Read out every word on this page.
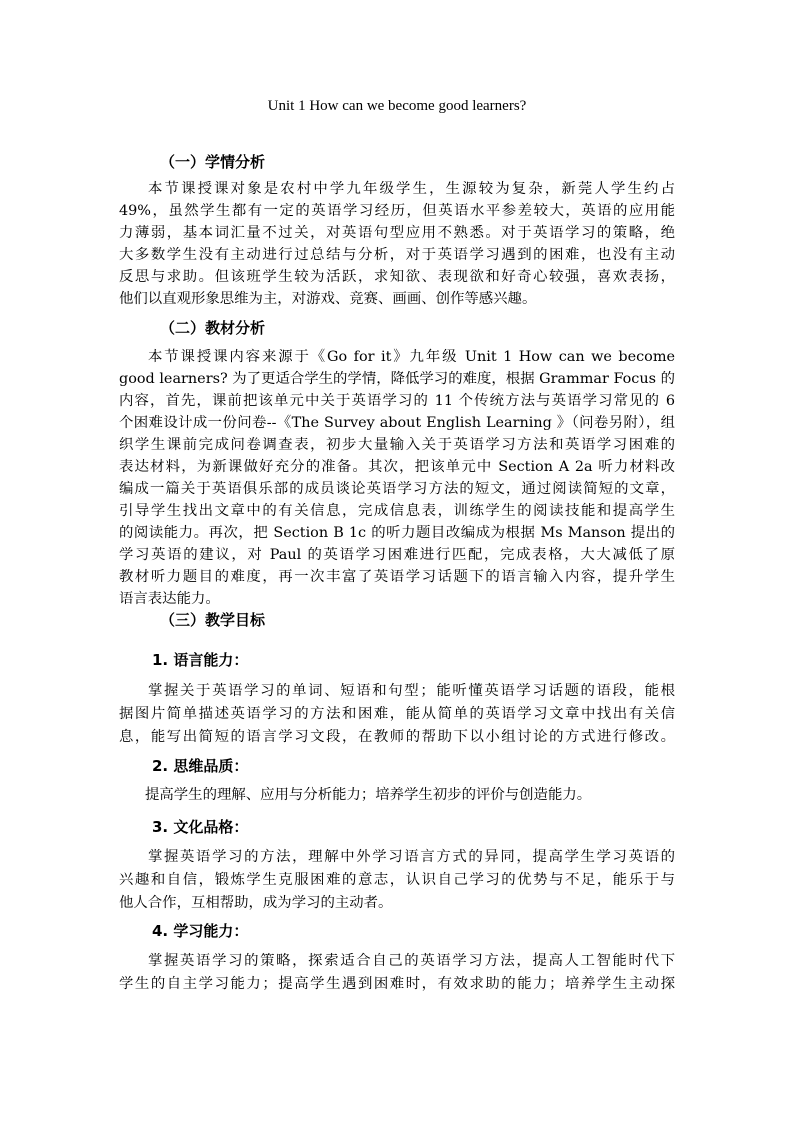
Unit 1 How can we become good learners?
（一）学情分析
本节课授课对象是农村中学九年级学生，生源较为复杂，新莞人学生约占
49%，虽然学生都有一定的英语学习经历，但英语水平参差较大，英语的应用能
力薄弱，基本词汇量不过关，对英语句型应用不熟悉。对于英语学习的策略，绝
大多数学生没有主动进行过总结与分析，对于英语学习遇到的困难，也没有主动
反思与求助。但该班学生较为活跃，求知欲、表现欲和好奇心较强，喜欢表扬，
他们以直观形象思维为主，对游戏、竞赛、画画、创作等感兴趣。
（二）教材分析
本节课授课内容来源于《Go for it》九年级 Unit 1 How can we become
good learners? 为了更适合学生的学情，降低学习的难度，根据 Grammar Focus 的
内容，首先，课前把该单元中关于英语学习的 11 个传统方法与英语学习常见的 6
个困难设计成一份问卷--《The Survey about English Learning 》（问卷另附），组
织学生课前完成问卷调查表，初步大量输入关于英语学习方法和英语学习困难的
表达材料，为新课做好充分的准备。其次，把该单元中 Section A 2a 听力材料改
编成一篇关于英语俱乐部的成员谈论英语学习方法的短文，通过阅读简短的文章，
引导学生找出文章中的有关信息，完成信息表，训练学生的阅读技能和提高学生
的阅读能力。再次，把 Section B 1c 的听力题目改编成为根据 Ms Manson 提出的
学习英语的建议，对 Paul 的英语学习困难进行匹配，完成表格，大大减低了原
教材听力题目的难度，再一次丰富了英语学习话题下的语言输入内容，提升学生
语言表达能力。
（三）教学目标
1. 语言能力：
掌握关于英语学习的单词、短语和句型；能听懂英语学习话题的语段，能根
据图片简单描述英语学习的方法和困难，能从简单的英语学习文章中找出有关信
息，能写出简短的语言学习文段，在教师的帮助下以小组讨论的方式进行修改。
2. 思维品质：
提高学生的理解、应用与分析能力；培养学生初步的评价与创造能力。
3. 文化品格：
掌握英语学习的方法，理解中外学习语言方式的异同，提高学生学习英语的
兴趣和自信，锻炼学生克服困难的意志，认识自己学习的优势与不足，能乐于与
他人合作，互相帮助，成为学习的主动者。
4. 学习能力：
掌握英语学习的策略，探索适合自己的英语学习方法，提高人工智能时代下
学生的自主学习能力；提高学生遇到困难时，有效求助的能力；培养学生主动探
